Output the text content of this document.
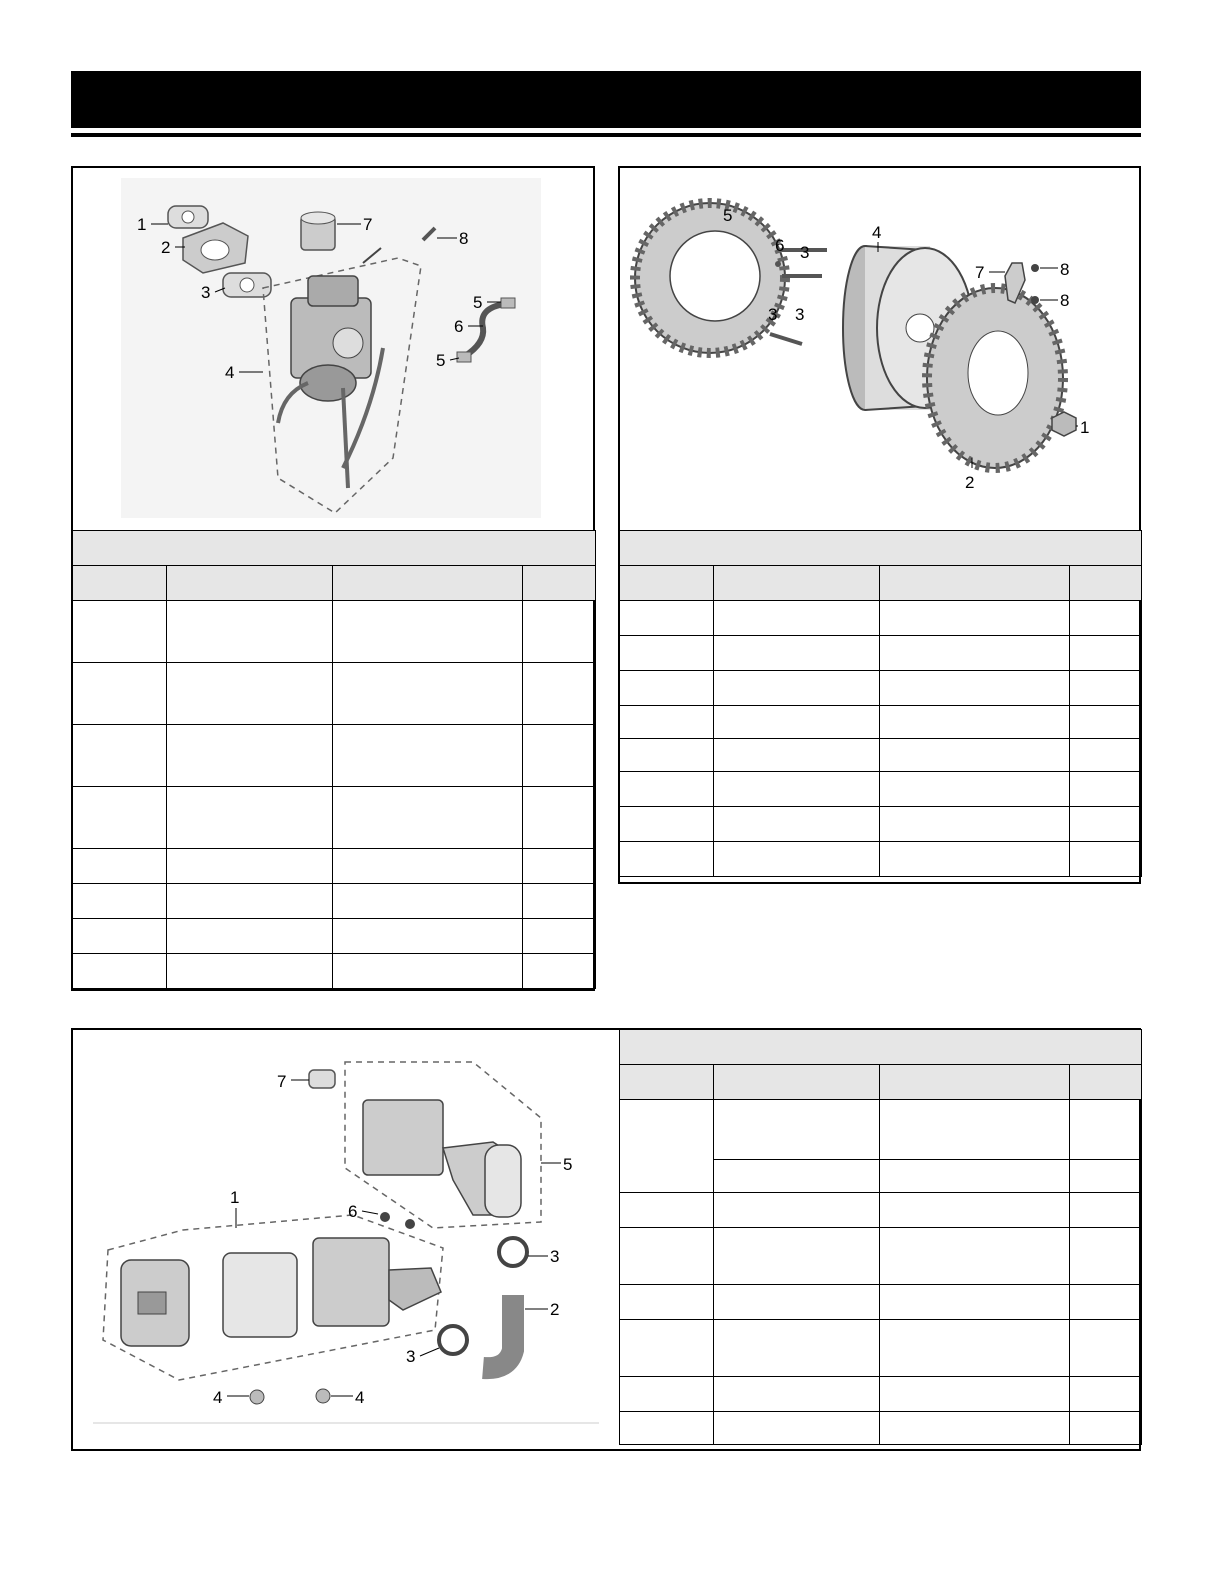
1
2
3
4
5
5
6
7
8

1
2
3
3
3
4
5
6
7	8
8

1
2
3
3
4	4
5
6
7
